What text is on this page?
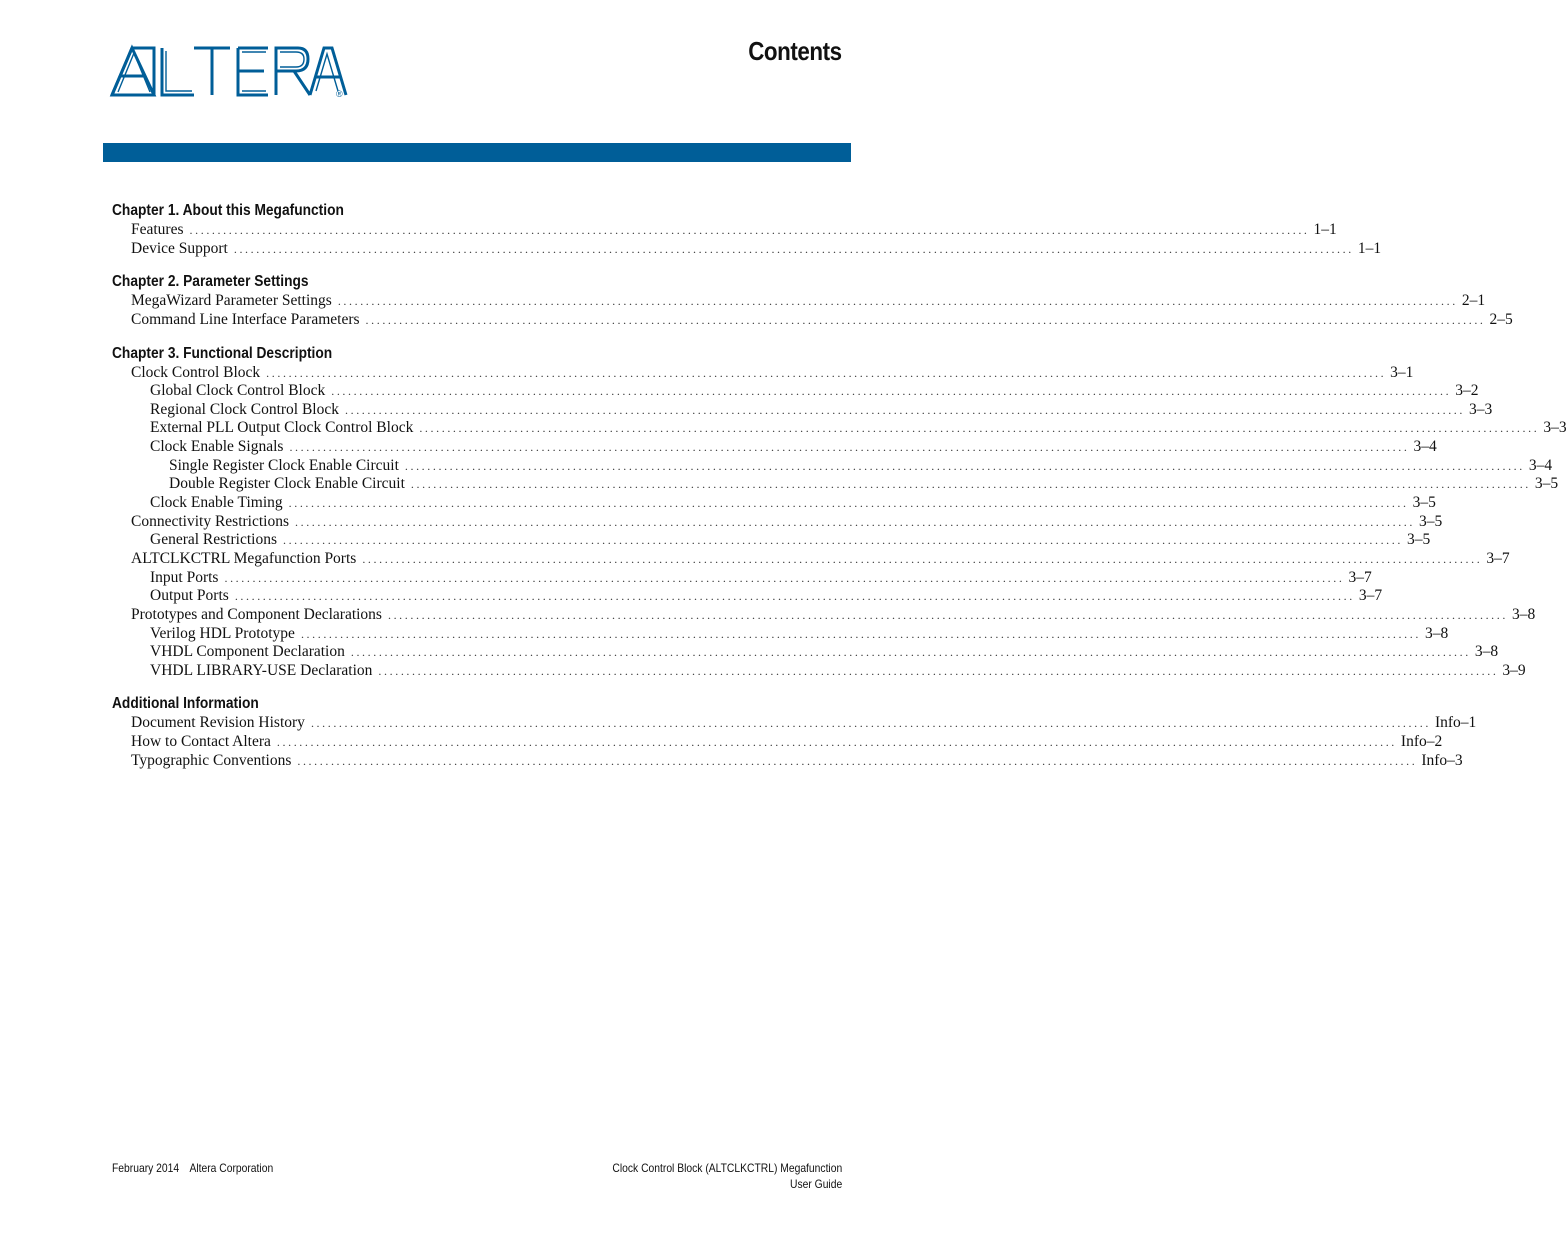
®
ALTERA	Contents
Chapter 1. About this Megafunction
Features ........................................................................................................................................................................................................ 1–1
Device Support ........................................................................................................................................................................................................ 1–1
Chapter 2. Parameter Settings
MegaWizard Parameter Settings ........................................................................................................................................................................................................ 2–1
Command Line Interface Parameters ........................................................................................................................................................................................................ 2–5
Chapter 3. Functional Description
Clock Control Block ........................................................................................................................................................................................................ 3–1
Global Clock Control Block ........................................................................................................................................................................................................ 3–2
Regional Clock Control Block ........................................................................................................................................................................................................ 3–3
External PLL Output Clock Control Block ........................................................................................................................................................................................................ 3–3
Clock Enable Signals ........................................................................................................................................................................................................ 3–4
Single Register Clock Enable Circuit ........................................................................................................................................................................................................ 3–4
Double Register Clock Enable Circuit ........................................................................................................................................................................................................ 3–5
Clock Enable Timing ........................................................................................................................................................................................................ 3–5
Connectivity Restrictions ........................................................................................................................................................................................................ 3–5
General Restrictions ........................................................................................................................................................................................................ 3–5
ALTCLKCTRL Megafunction Ports ........................................................................................................................................................................................................ 3–7
Input Ports ........................................................................................................................................................................................................ 3–7
Output Ports ........................................................................................................................................................................................................ 3–7
Prototypes and Component Declarations ........................................................................................................................................................................................................ 3–8
Verilog HDL Prototype ........................................................................................................................................................................................................ 3–8
VHDL Component Declaration ........................................................................................................................................................................................................ 3–8
VHDL LIBRARY-USE Declaration ........................................................................................................................................................................................................ 3–9
Additional Information
Document Revision History ........................................................................................................................................................................................................ Info–1
How to Contact Altera ........................................................................................................................................................................................................ Info–2
Typographic Conventions ........................................................................................................................................................................................................ Info–3
February 2014 Altera Corporation	Clock Control Block (ALTCLKCTRL) Megafunction
User Guide
